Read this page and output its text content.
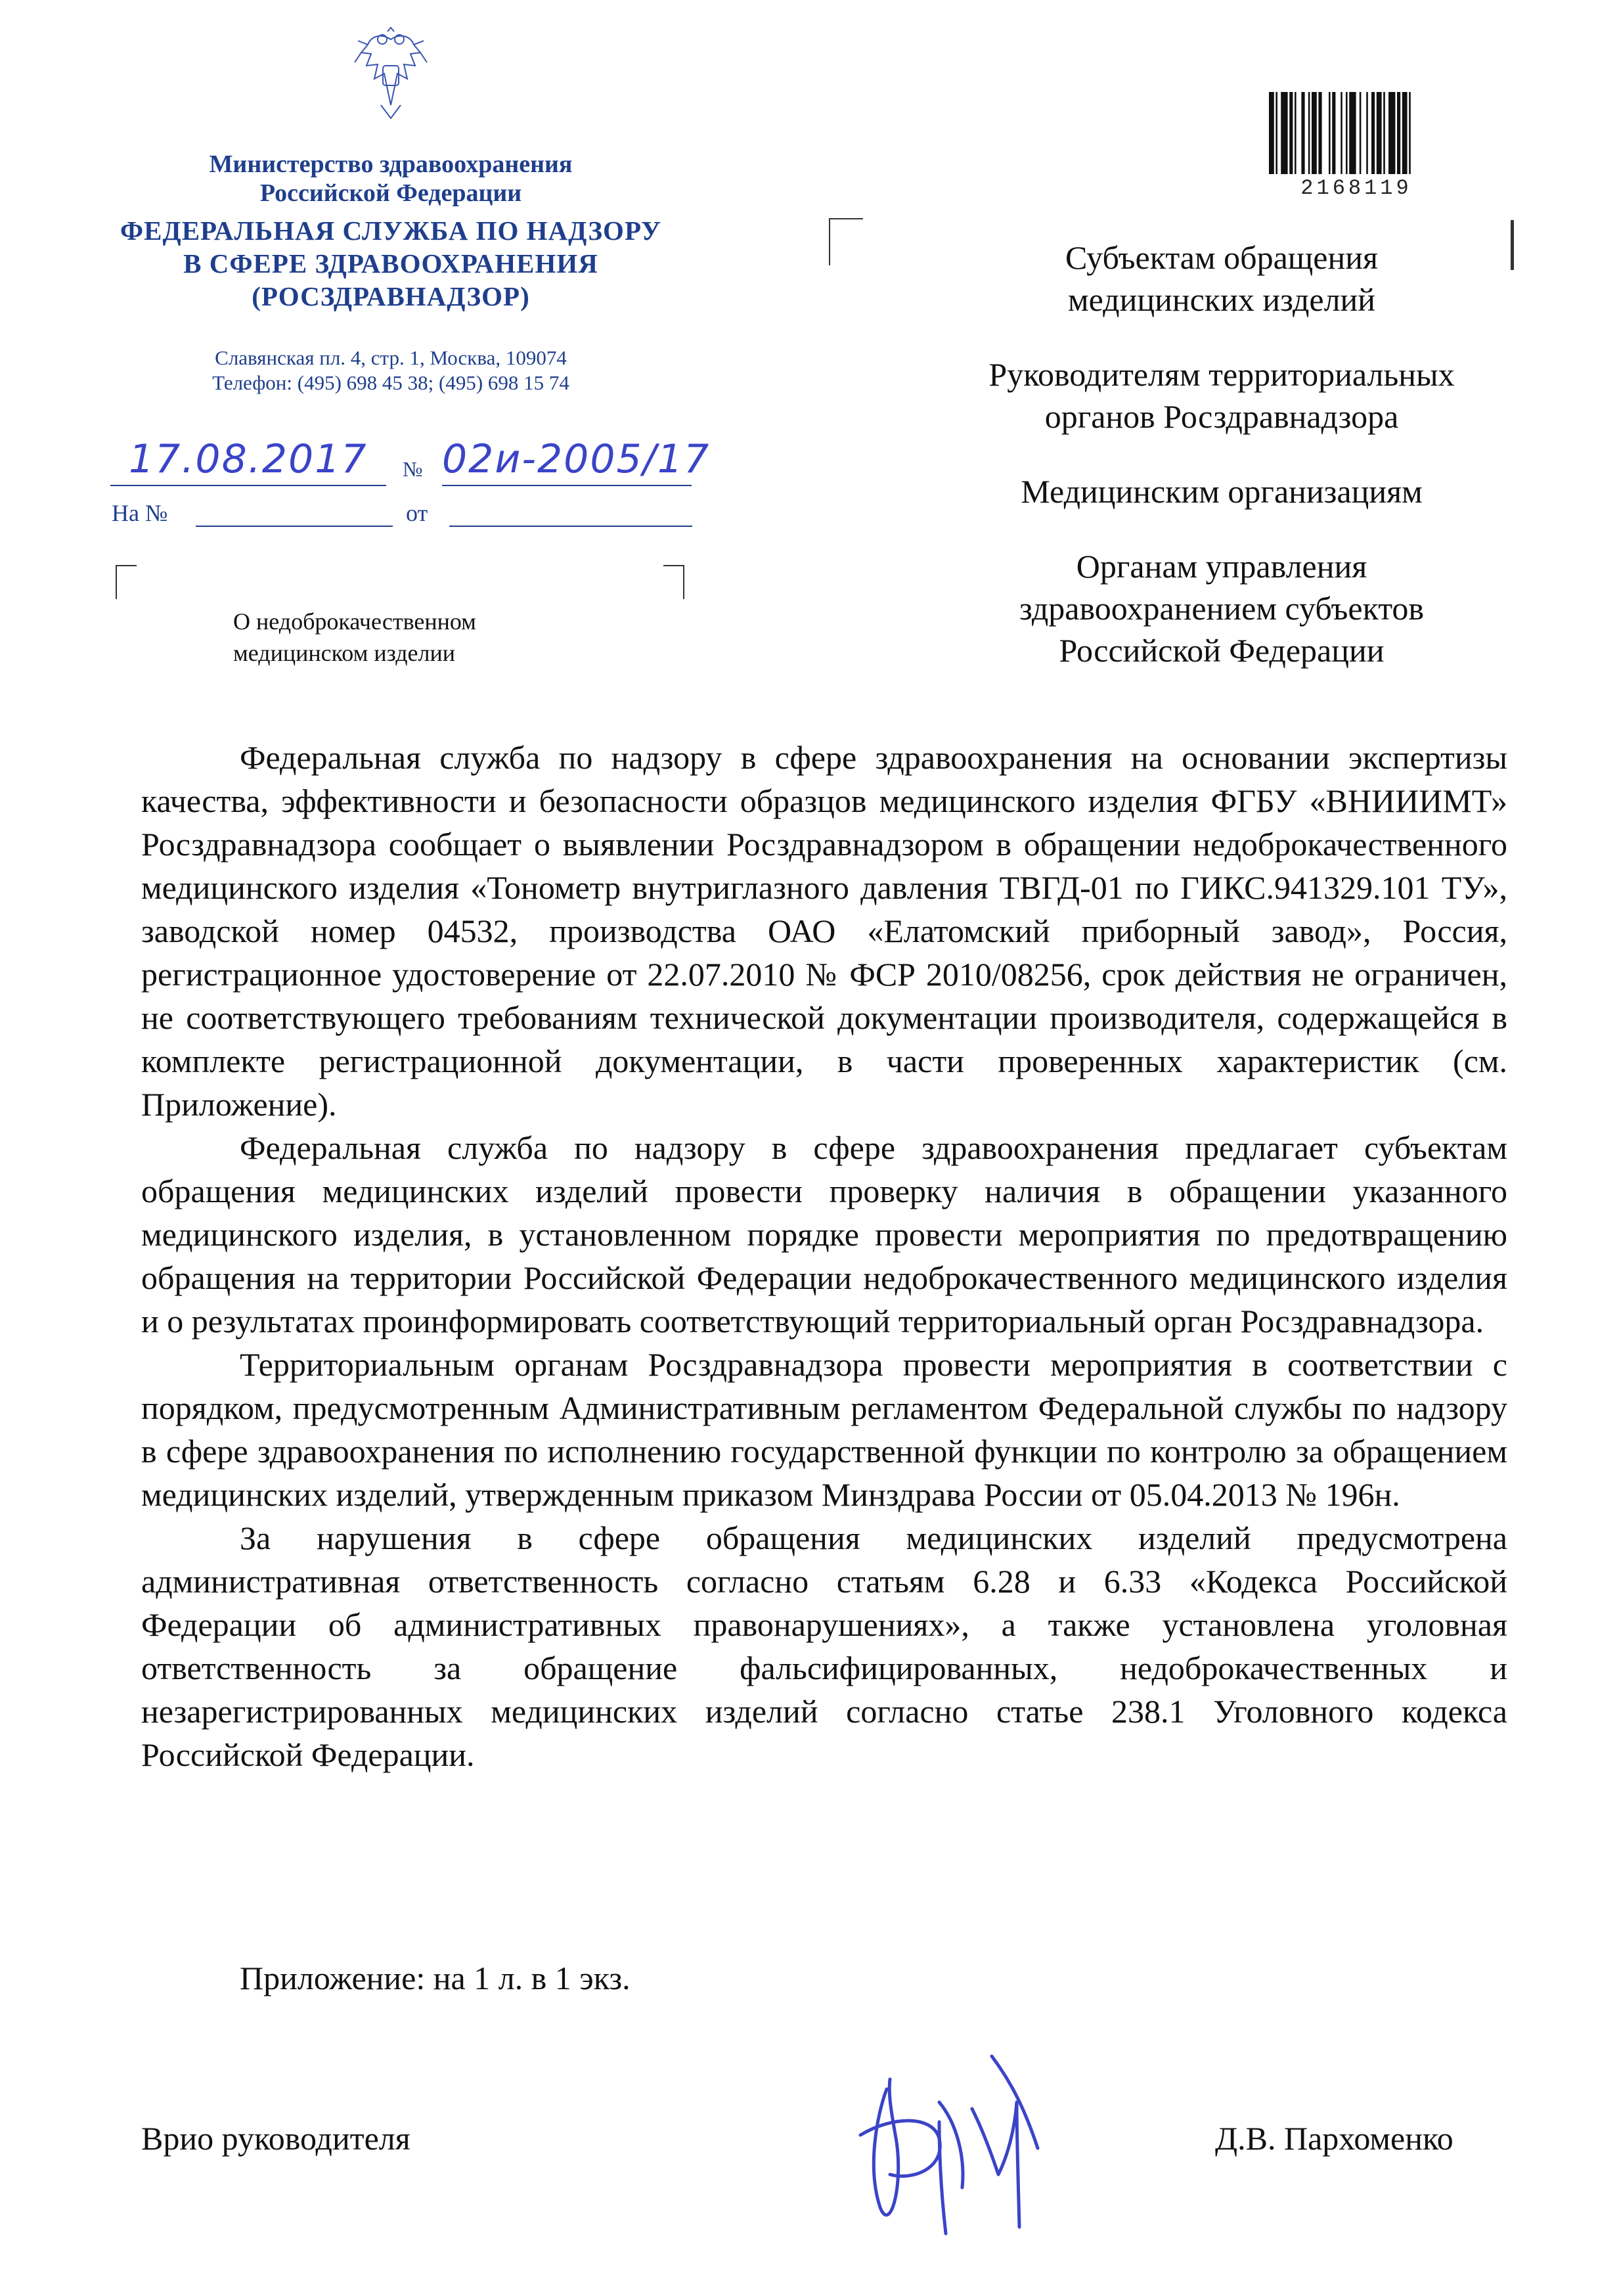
Министерство здравоохранения
Российской Федерации
ФЕДЕРАЛЬНАЯ СЛУЖБА ПО НАДЗОРУ
В СФЕРЕ ЗДРАВООХРАНЕНИЯ
(РОСЗДРАВНАДЗОР)
Славянская пл. 4, стр. 1, Москва, 109074
Телефон: (495) 698 45 38; (495) 698 15 74
17.08.2017 № 02и-2005/17
На №	от
О недоброкачественном
медицинском изделии
2168119
Субъектам обращения
медицинских изделий
Руководителям территориальных
органов Росздравнадзора
Медицинским организациям
Органам управления
здравоохранением субъектов
Российской Федерации

Федеральная служба по надзору в сфере здравоохранения на основании экспертизы качества, эффективности и безопасности образцов медицинского изделия ФГБУ «ВНИИИМТ» Росздравнадзора сообщает о выявлении Росздравнадзором в обращении недоброкачественного медицинского изделия «Тонометр внутриглазного давления ТВГД-01 по ГИКС.941329.101 ТУ», заводской номер 04532, производства ОАО «Елатомский приборный завод», Россия, регистрационное удостоверение от 22.07.2010 № ФСР 2010/08256, срок действия не ограничен, не соответствующего требованиям технической документации производителя, содержащейся в комплекте регистрационной документации, в части проверенных характеристик (см. Приложение).

Федеральная служба по надзору в сфере здравоохранения предлагает субъектам обращения медицинских изделий провести проверку наличия в обращении указанного медицинского изделия, в установленном порядке провести мероприятия по предотвращению обращения на территории Российской Федерации недоброкачественного медицинского изделия и о результатах проинформировать соответствующий территориальный орган Росздравнадзора.

Территориальным органам Росздравнадзора провести мероприятия в соответствии с порядком, предусмотренным Административным регламентом Федеральной службы по надзору в сфере здравоохранения по исполнению государственной функции по контролю за обращением медицинских изделий, утвержденным приказом Минздрава России от 05.04.2013 № 196н.

За нарушения в сфере обращения медицинских изделий предусмотрена административная ответственность согласно статьям 6.28 и 6.33 «Кодекса Российской Федерации об административных правонарушениях», а также установлена уголовная ответственность за обращение фальсифицированных, недоброкачественных и незарегистрированных медицинских изделий согласно статье 238.1 Уголовного кодекса Российской Федерации.

Приложение: на 1 л. в 1 экз.
Врио руководителя	Д.В. Пархоменко
